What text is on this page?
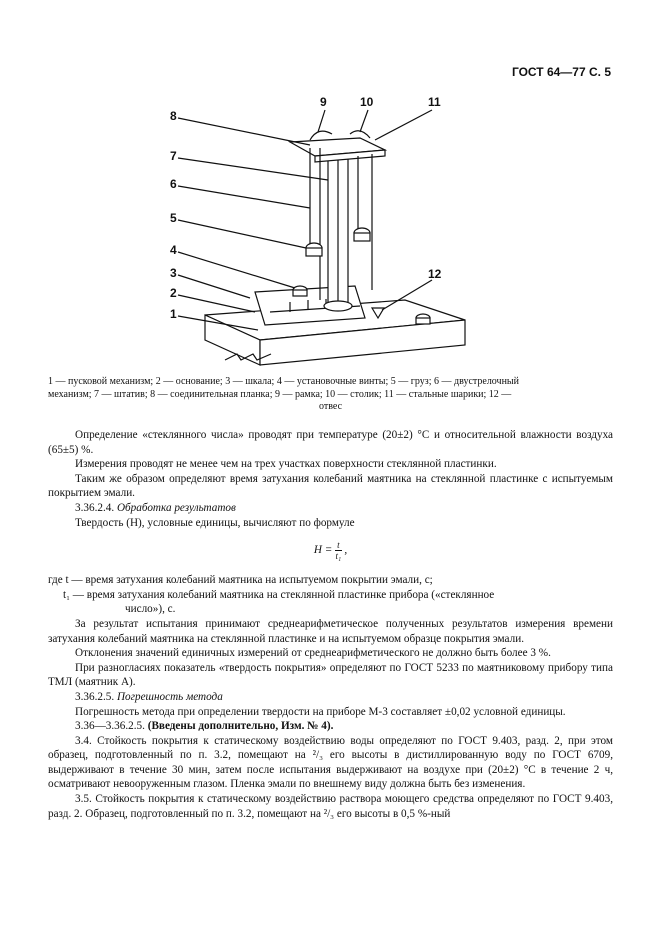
ГОСТ 64—77 С. 5
1
2
3
4
5
6
7
8
9	10	11
12
1 — пусковой механизм; 2 — основание; 3 — шкала; 4 — установочные винты; 5 — груз; 6 — двустрелочный
механизм; 7 — штатив; 8 — соединительная планка; 9 — рамка; 10 — столик; 11 — стальные шарики; 12 —
отвес

Определение «стеклянного числа» проводят при температуре (20±2) °С и относительной влажности воздуха (65±5) %.

Измерения проводят не менее чем на трех участках поверхности стеклянной пластинки.

Таким же образом определяют время затухания колебаний маятника на стеклянной пластинке с испытуемым покрытием эмали.

3.36.2.4. Обработка результатов

Твердость (Н), условные единицы, вычисляют по формуле

$H = \frac{t}{\text{t₁}}$ ,

где t — время затухания колебаний маятника на испытуемом покрытии эмали, с;

t₁ — время затухания колебаний маятника на стеклянной пластинке прибора («стеклянное
число»), с.

За результат испытания принимают среднеарифметическое полученных результатов измерения времени затухания колебаний маятника на стеклянной пластинке и на испытуемом образце покрытия эмали.

Отклонения значений единичных измерений от среднеарифметического не должно быть более 3 %.

При разногласиях показатель «твердость покрытия» определяют по ГОСТ 5233 по маятниковому прибору типа ТМЛ (маятник А).

3.36.2.5. Погрешность метода

Погрешность метода при определении твердости на приборе М-3 составляет ±0,02 условной единицы.

3.36—3.36.2.5. (Введены дополнительно, Изм. № 4).

3.4. Стойкость покрытия к статическому воздействию воды определяют по ГОСТ 9.403, разд. 2, при этом образец, подготовленный по п. 3.2, помещают на ²/₃ его высоты в дистиллированную воду по ГОСТ 6709, выдерживают в течение 30 мин, затем после испытания выдерживают на воздухе при (20±2) °С в течение 2 ч, осматривают невооруженным глазом. Пленка эмали по внешнему виду должна быть без изменения.

3.5. Стойкость покрытия к статическому воздействию раствора моющего средства определяют по ГОСТ 9.403, разд. 2. Образец, подготовленный по п. 3.2, помещают на ²/₃ его высоты в 0,5 %-ный
